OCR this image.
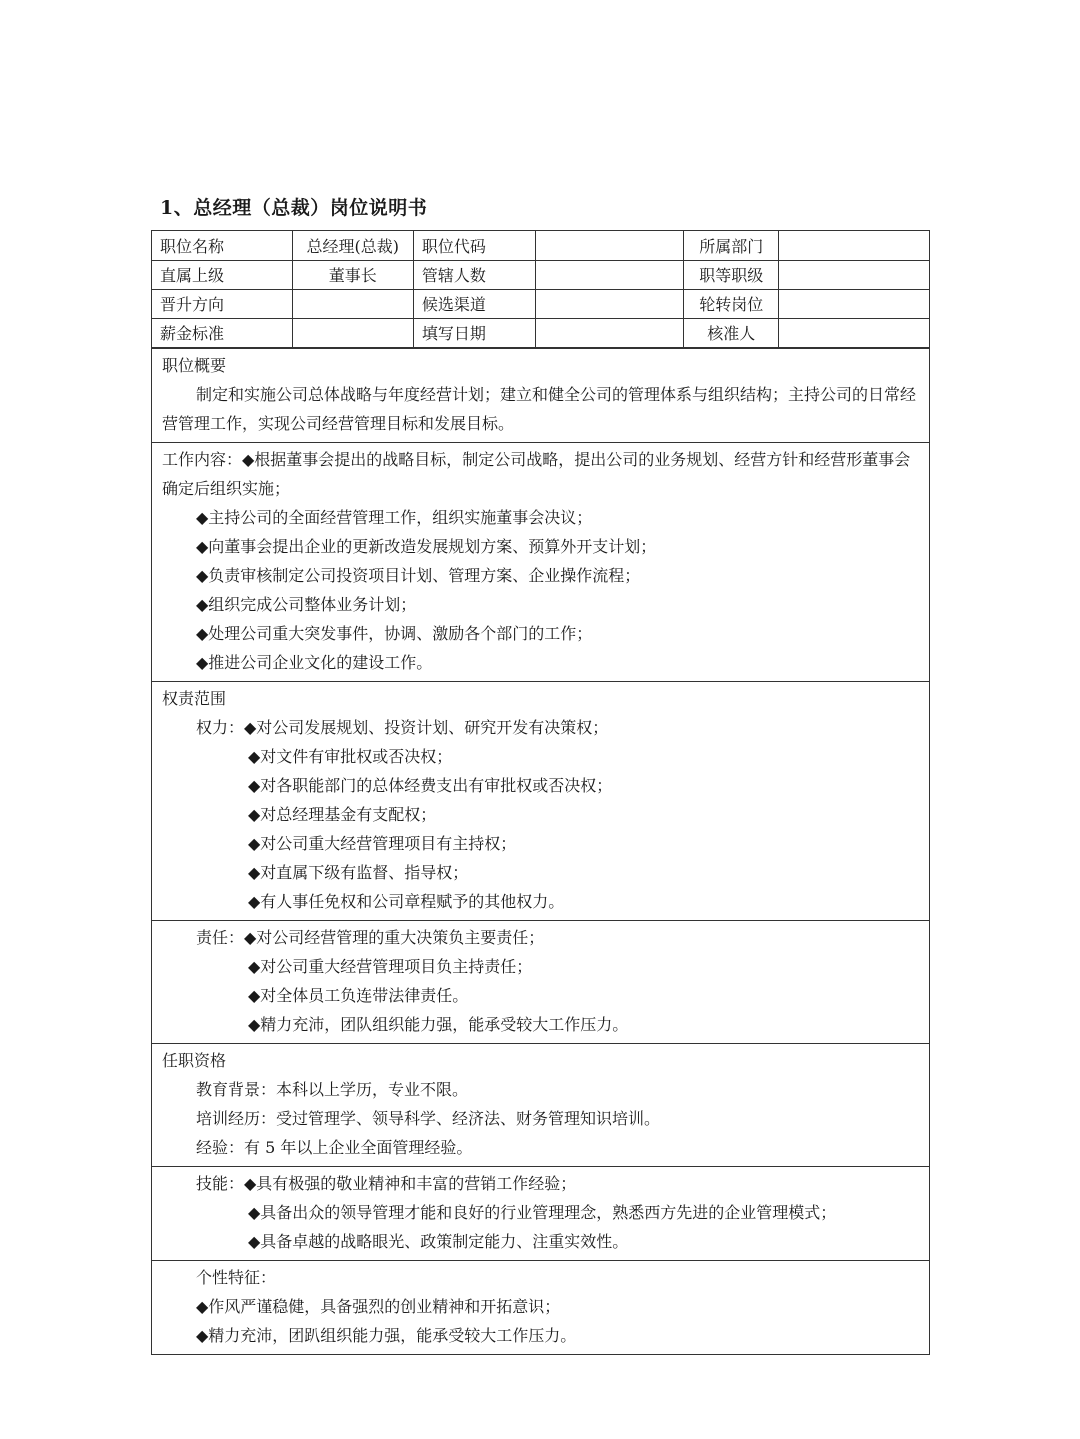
1、总经理（总裁）岗位说明书
职位名称	总经理(总裁)	职位代码		所属部门	
直属上级	董事长	管辖人数		职等职级	
晋升方向		候选渠道		轮转岗位	
薪金标准		填写日期		核准人	

职位概要

制定和实施公司总体战略与年度经营计划；建立和健全公司的管理体系与组织结构；主持公司的日常经营管理工作，实现公司经营管理目标和发展目标。

工作内容：◆根据董事会提出的战略目标，制定公司战略，提出公司的业务规划、经营方针和经营形董事会确定后组织实施；

◆主持公司的全面经营管理工作，组织实施董事会决议；

◆向董事会提出企业的更新改造发展规划方案、预算外开支计划；

◆负责审核制定公司投资项目计划、管理方案、企业操作流程；

◆组织完成公司整体业务计划；

◆处理公司重大突发事件，协调、激励各个部门的工作；

◆推进公司企业文化的建设工作。

权责范围

权力：◆对公司发展规划、投资计划、研究开发有决策权；

◆对文件有审批权或否决权；

◆对各职能部门的总体经费支出有审批权或否决权；

◆对总经理基金有支配权；

◆对公司重大经营管理项目有主持权；

◆对直属下级有监督、指导权；

◆有人事任免权和公司章程赋予的其他权力。

责任：◆对公司经营管理的重大决策负主要责任；

◆对公司重大经营管理项目负主持责任；

◆对全体员工负连带法律责任。

◆精力充沛，团队组织能力强，能承受较大工作压力。

任职资格

教育背景：本科以上学历，专业不限。

培训经历：受过管理学、领导科学、经济法、财务管理知识培训。

经验：有 5 年以上企业全面管理经验。

技能：◆具有极强的敬业精神和丰富的营销工作经验；

◆具备出众的领导管理才能和良好的行业管理理念，熟悉西方先进的企业管理模式；

◆具备卓越的战略眼光、政策制定能力、注重实效性。

个性特征：

◆作风严谨稳健，具备强烈的创业精神和开拓意识；

◆精力充沛，团趴组织能力强，能承受较大工作压力。
